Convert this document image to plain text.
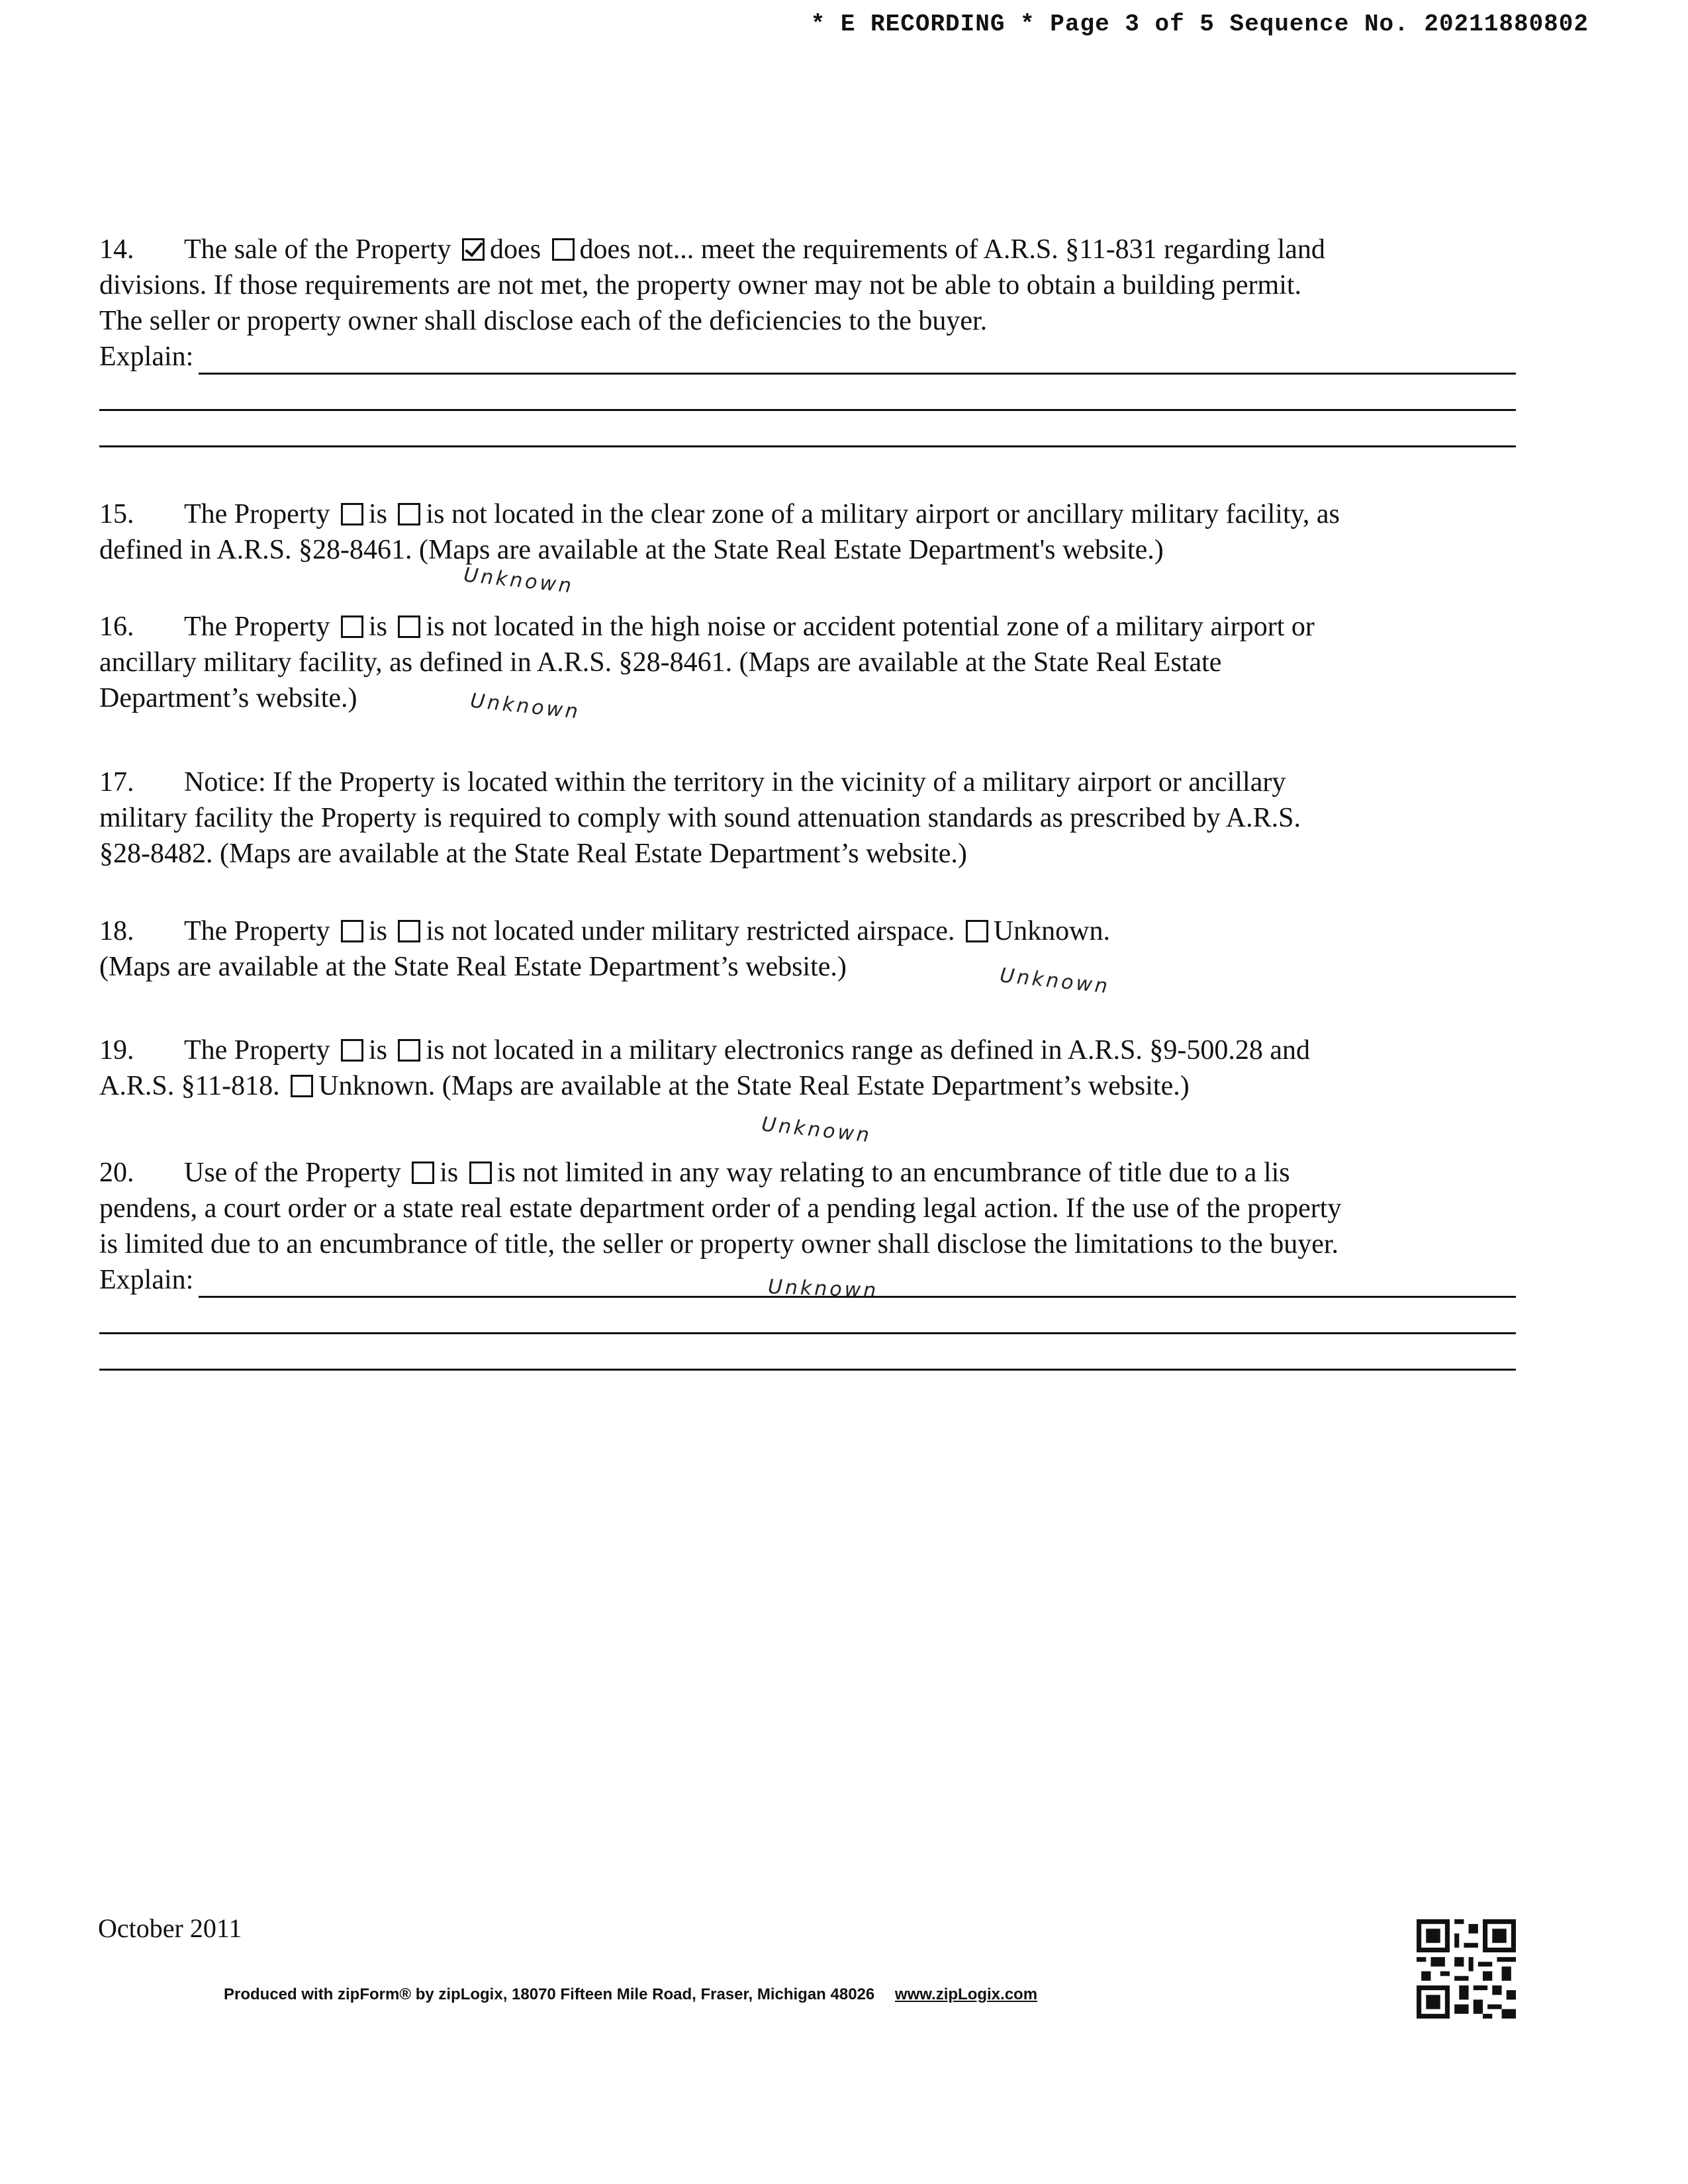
* E RECORDING * Page 3 of 5 Sequence No. 20211880802
14. The sale of the Property does does not... meet the requirements of A.R.S. §11-831 regarding land
divisions. If those requirements are not met, the property owner may not be able to obtain a building permit.
The seller or property owner shall disclose each of the deficiencies to the buyer.
Explain:
15. The Property is is not located in the clear zone of a military airport or ancillary military facility, as
defined in A.R.S. §28-8461. (Maps are available at the State Real Estate Department's website.)
Unknown
16. The Property is is not located in the high noise or accident potential zone of a military airport or
ancillary military facility, as defined in A.R.S. §28-8461. (Maps are available at the State Real Estate
Department’s website.)	Unknown
17. Notice: If the Property is located within the territory in the vicinity of a military airport or ancillary
military facility the Property is required to comply with sound attenuation standards as prescribed by A.R.S.
§28-8482. (Maps are available at the State Real Estate Department’s website.)
18. The Property is is not located under military restricted airspace. Unknown.
(Maps are available at the State Real Estate Department’s website.)	Unknown
19. The Property is is not located in a military electronics range as defined in A.R.S. §9-500.28 and
A.R.S. §11-818. Unknown. (Maps are available at the State Real Estate Department’s website.)
Unknown
20. Use of the Property is is not limited in any way relating to an encumbrance of title due to a lis
pendens, a court order or a state real estate department order of a pending legal action. If the use of the property
is limited due to an encumbrance of title, the seller or property owner shall disclose the limitations to the buyer.
Explain:	Unknown
October 2011
Produced with zipForm® by zipLogix, 18070 Fifteen Mile Road, Fraser, Michigan 48026 www.zipLogix.com
